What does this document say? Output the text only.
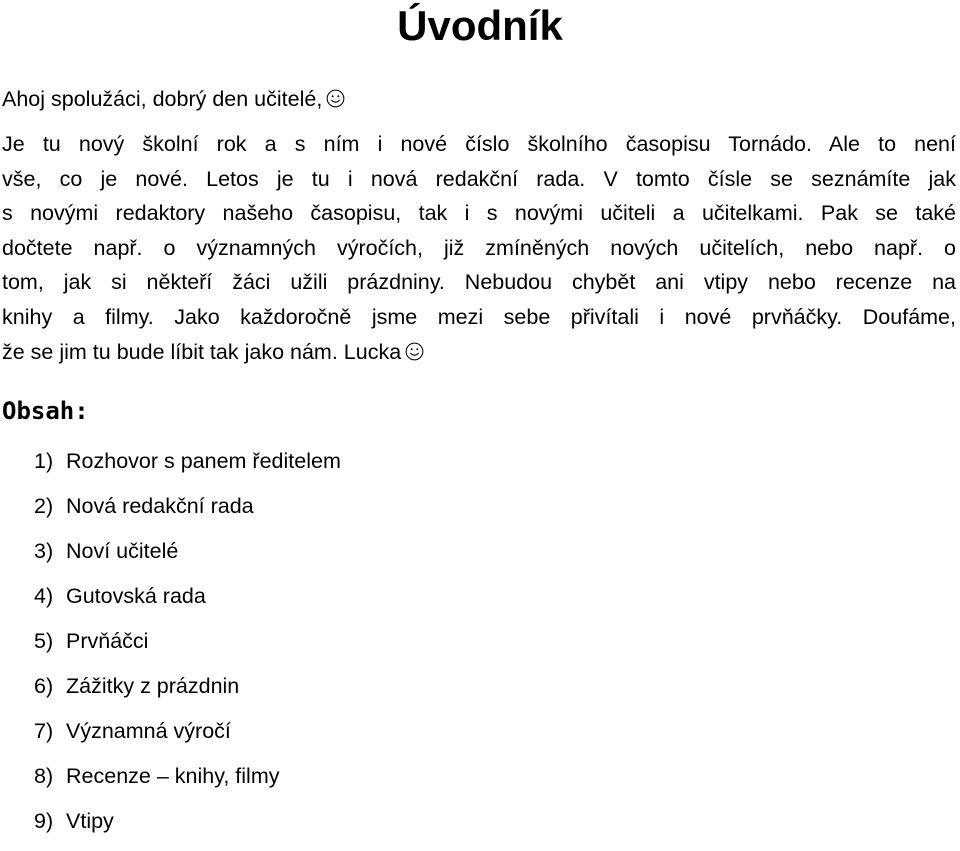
Úvodník

Ahoj spolužáci, dobrý den učitelé,

Je tu nový školní rok a s ním i nové číslo školního časopisu Tornádo. Ale to není
vše, co je nové. Letos je tu i nová redakční rada. V tomto čísle se seznámíte jak
s novými redaktory našeho časopisu, tak i s novými učiteli a učitelkami. Pak se také
dočtete např. o významných výročích, již zmíněných nových učitelích, nebo např. o
tom, jak si někteří žáci užili prázdniny. Nebudou chybět ani vtipy nebo recenze na
knihy a filmy. Jako každoročně jsme mezi sebe přivítali i nové prvňáčky. Doufáme,
že se jim tu bude líbit tak jako nám. Lucka
Obsah:
1) Rozhovor s panem ředitelem
2) Nová redakční rada
3) Noví učitelé
4) Gutovská rada
5) Prvňáčci
6) Zážitky z prázdnin
7) Významná výročí
8) Recenze – knihy, filmy
9) Vtipy
